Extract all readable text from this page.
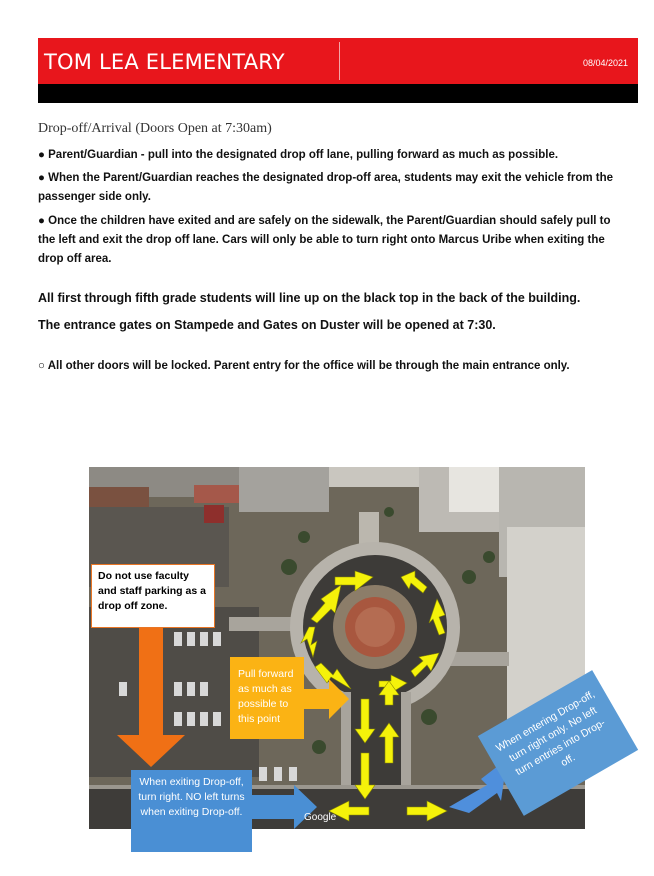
TOM LEA ELEMENTARY	08/04/2021
Drop-off/Arrival (Doors Open at 7:30am)
● Parent/Guardian - pull into the designated drop off lane, pulling forward as much as possible.
● When the Parent/Guardian reaches the designated drop-off area, students may exit the vehicle from the passenger side only.
● Once the children have exited and are safely on the sidewalk, the Parent/Guardian should safely pull to the left and exit the drop off lane. Cars will only be able to turn right onto Marcus Uribe when exiting the drop off area.
All first through fifth grade students will line up on the black top in the back of the building.
The entrance gates on Stampede and Gates on Duster will be opened at 7:30.
○ All other doors will be locked. Parent entry for the office will be through the main entrance only.
Google
Do not use faculty and staff parking as a drop off zone.
Pull forward as much as possible to this point
When exiting Drop-off, turn right. NO left turns when exiting Drop-off.
When entering Drop-off, turn right only. No left turn entries into Drop-off.
